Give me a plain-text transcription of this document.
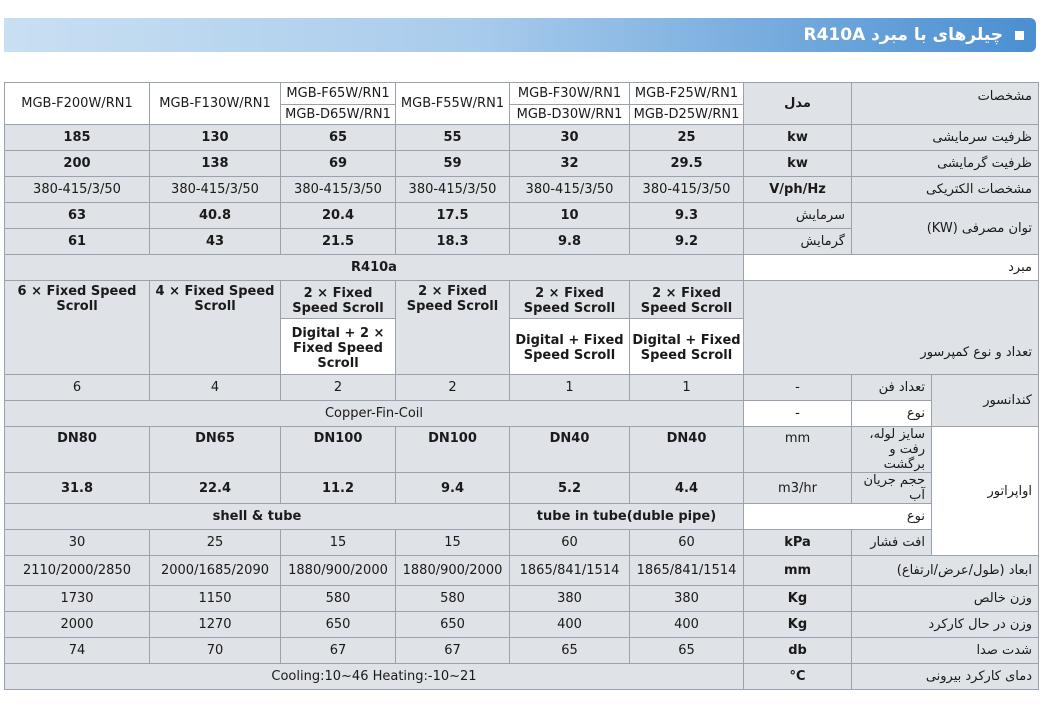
چیلرهای با مبرد R410A
MGB-F200W/RN1	MGB-F130W/RN1	MGB-F65W/RN1	MGB-F55W/RN1	MGB-F30W/RN1	MGB-F25W/RN1	مدل	مشخصات	
		MGB-D65W/RN1		MGB-D30W/RN1	MGB-D25W/RN1			
185	130	65	55	30	25	kw	ظرفیت سرمایشی	
200	138	69	59	32	29.5	kw	ظرفیت گرمایشی	
380-415/3/50	380-415/3/50	380-415/3/50	380-415/3/50	380-415/3/50	380-415/3/50	V/ph/Hz	مشخصات الکتریکی	
63	40.8	20.4	17.5	10	9.3	سرمایش	توان مصرفی (KW)	
61	43	21.5	18.3	9.8	9.2	گرمایش		
R410a						مبرد		
6 × Fixed Speed Scroll	4 × Fixed Speed Scroll	2 × Fixed Speed Scroll	2 × Fixed Speed Scroll	2 × Fixed Speed Scroll	2 × Fixed Speed Scroll	تعداد و نوع کمپرسور		
		Digital + 2 × Fixed Speed Scroll		Digital + Fixed Speed Scroll	Digital + Fixed Speed Scroll			
6	4	2	2	1	1	-	تعداد فن	کندانسور
Copper-Fin-Coil						-	نوع	
DN80	DN65	DN100	DN100	DN40	DN40	mm	سایز لوله، رفت و برگشت	اواپراتور
31.8	22.4	11.2	9.4	5.2	4.4	m3/hr	حجم جریان آب	
shell & tube				tube in tube(duble pipe)		نوع		
30	25	15	15	60	60	kPa	افت فشار	
2110/2000/2850	2000/1685/2090	1880/900/2000	1880/900/2000	1865/841/1514	1865/841/1514	mm	ابعاد (طول/عرض/ارتفاع)	
1730	1150	580	580	380	380	Kg	وزن خالص	
2000	1270	650	650	400	400	Kg	وزن در حال کارکرد	
74	70	67	67	65	65	db	شدت صدا	
Cooling:10~46 Heating:-10~21						°C	دمای کارکرد بیرونی	
